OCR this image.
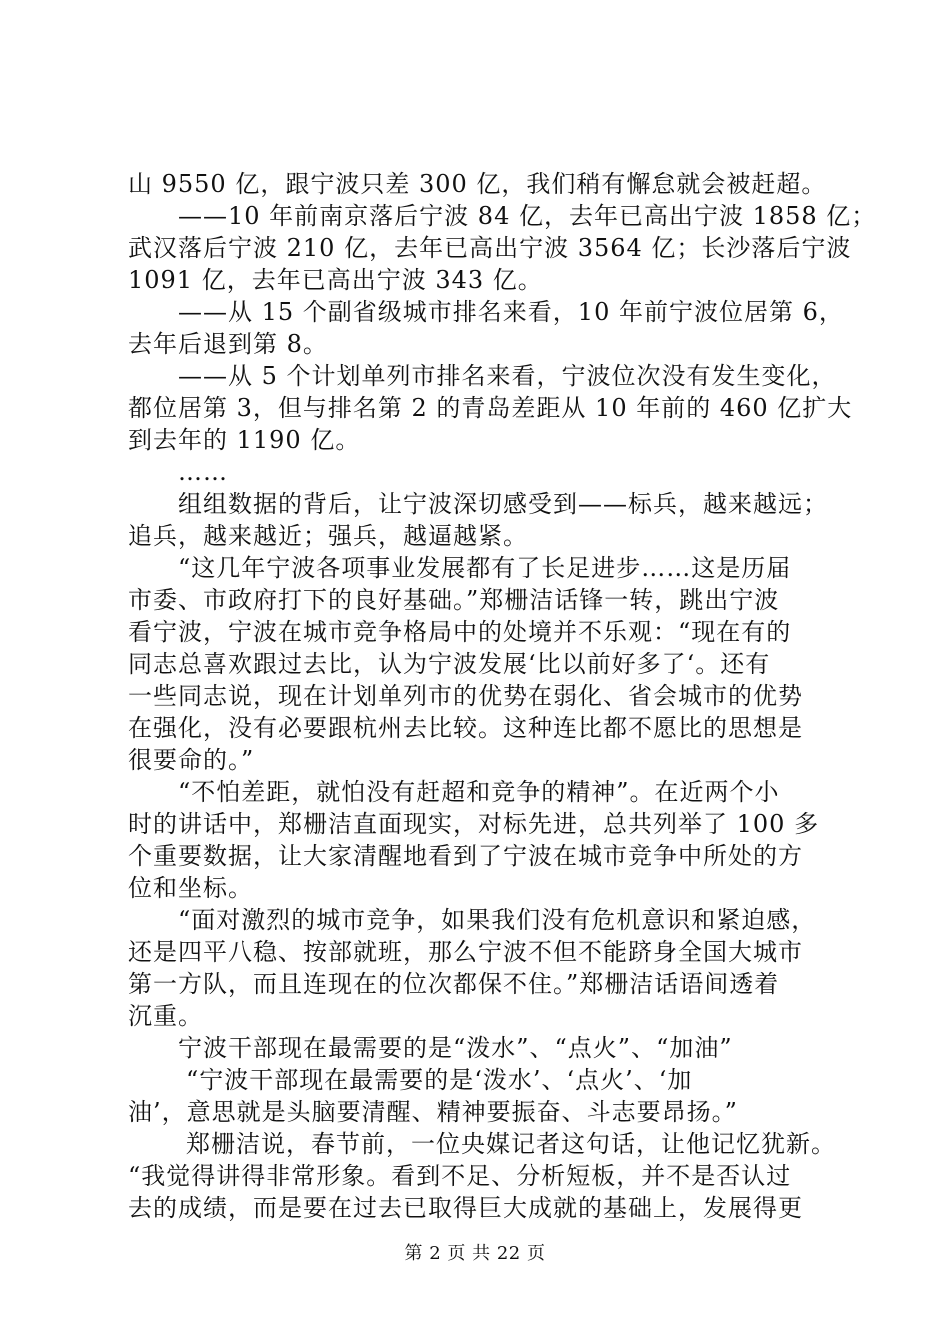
山 9550 亿，跟宁波只差 300 亿，我们稍有懈怠就会被赶超。
——10 年前南京落后宁波 84 亿，去年已高出宁波 1858 亿；
武汉落后宁波 210 亿，去年已高出宁波 3564 亿；长沙落后宁波
1091 亿，去年已高出宁波 343 亿。
——从 15 个副省级城市排名来看，10 年前宁波位居第 6，
去年后退到第 8。
——从 5 个计划单列市排名来看，宁波位次没有发生变化，
都位居第 3，但与排名第 2 的青岛差距从 10 年前的 460 亿扩大
到去年的 1190 亿。
……
组组数据的背后，让宁波深切感受到——标兵，越来越远；
追兵，越来越近；强兵，越逼越紧。
“这几年宁波各项事业发展都有了长足进步……这是历届
市委、市政府打下的良好基础。”郑栅洁话锋一转，跳出宁波
看宁波，宁波在城市竞争格局中的处境并不乐观：“现在有的
同志总喜欢跟过去比，认为宁波发展‘比以前好多了‘。还有
一些同志说，现在计划单列市的优势在弱化、省会城市的优势
在强化，没有必要跟杭州去比较。这种连比都不愿比的思想是
很要命的。”
“不怕差距，就怕没有赶超和竞争的精神”。在近两个小
时的讲话中，郑栅洁直面现实，对标先进，总共列举了 100 多
个重要数据，让大家清醒地看到了宁波在城市竞争中所处的方
位和坐标。
“面对激烈的城市竞争，如果我们没有危机意识和紧迫感，
还是四平八稳、按部就班，那么宁波不但不能跻身全国大城市
第一方队，而且连现在的位次都保不住。”郑栅洁话语间透着
沉重。
宁波干部现在最需要的是“泼水”、“点火”、“加油”
“宁波干部现在最需要的是‘泼水’、‘点火’、‘加
油’，意思就是头脑要清醒、精神要振奋、斗志要昂扬。”
郑栅洁说，春节前，一位央媒记者这句话，让他记忆犹新。
“我觉得讲得非常形象。看到不足、分析短板，并不是否认过
去的成绩，而是要在过去已取得巨大成就的基础上，发展得更
第 2 页 共 22 页
